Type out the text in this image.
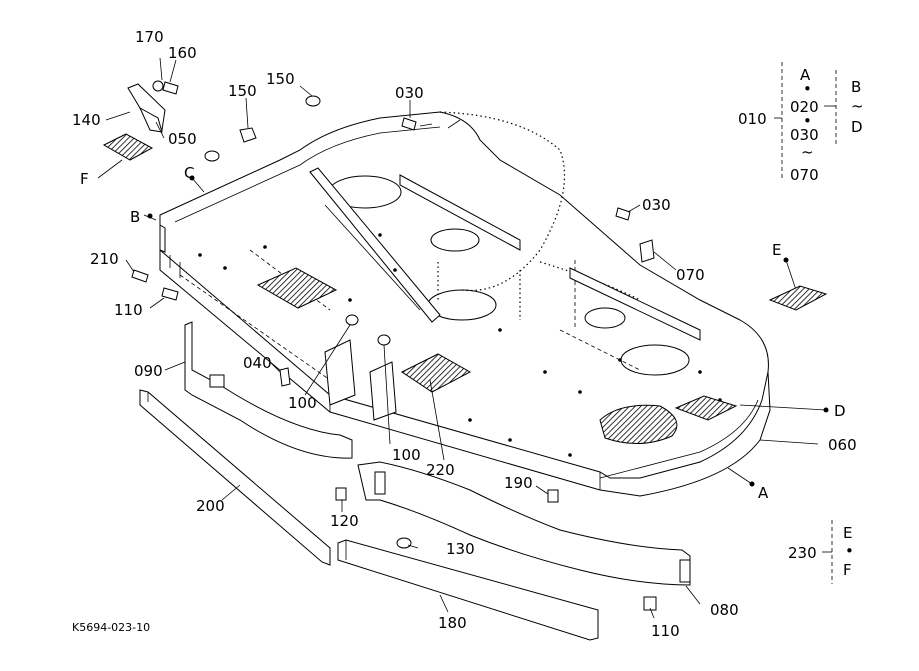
170
160
150
150
030
140
050
F	C
B
210
110
090	040
100
100
220
200
120
190
130
180	110
080
A
060
D
070
030
E
010
A
•
020
•
030
~
070
B
~
D
230
E
•
F
K5694-023-10
